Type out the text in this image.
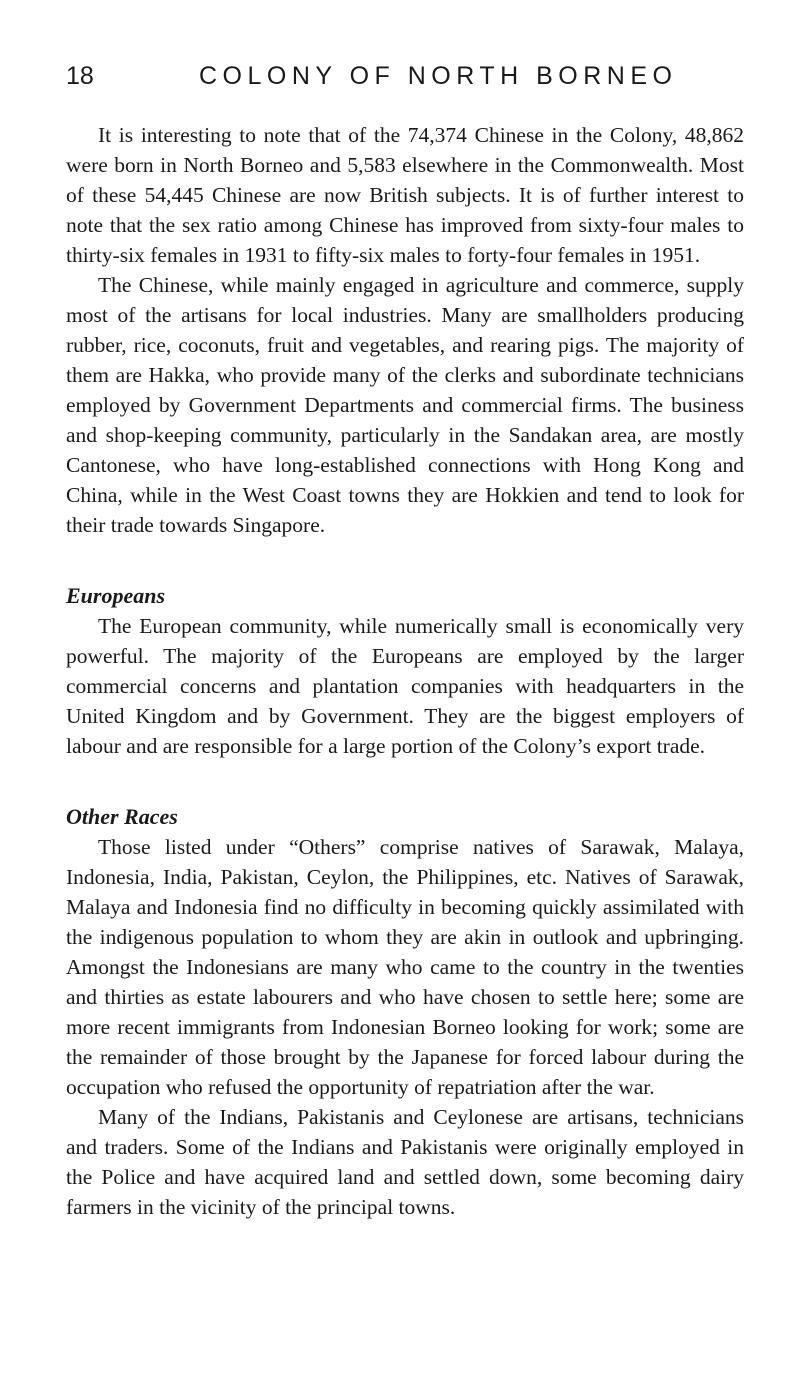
18	COLONY OF NORTH BORNEO

It is interesting to note that of the 74,374 Chinese in the Colony, 48,862 were born in North Borneo and 5,583 elsewhere in the Commonwealth. Most of these 54,445 Chinese are now British subjects. It is of further interest to note that the sex ratio among Chinese has improved from sixty-four males to thirty-six females in 1931 to fifty-six males to forty-four females in 1951.

The Chinese, while mainly engaged in agriculture and commerce, supply most of the artisans for local industries. Many are smallholders producing rubber, rice, coconuts, fruit and vegetables, and rearing pigs. The majority of them are Hakka, who provide many of the clerks and subordinate technicians employed by Government Departments and commercial firms. The business and shop-keeping community, particularly in the Sandakan area, are mostly Cantonese, who have long-established connections with Hong Kong and China, while in the West Coast towns they are Hokkien and tend to look for their trade towards Singapore.

Europeans

The European community, while numerically small is economically very powerful. The majority of the Europeans are employed by the larger commercial concerns and plantation companies with headquarters in the United Kingdom and by Government. They are the biggest employers of labour and are responsible for a large portion of the Colony’s export trade.

Other Races

Those listed under “Others” comprise natives of Sarawak, Malaya, Indonesia, India, Pakistan, Ceylon, the Philippines, etc. Natives of Sarawak, Malaya and Indonesia find no difficulty in becoming quickly assimilated with the indigenous population to whom they are akin in outlook and upbringing. Amongst the Indonesians are many who came to the country in the twenties and thirties as estate labourers and who have chosen to settle here; some are more recent immigrants from Indonesian Borneo looking for work; some are the remainder of those brought by the Japanese for forced labour during the occupation who refused the opportunity of repatriation after the war.

Many of the Indians, Pakistanis and Ceylonese are artisans, technicians and traders. Some of the Indians and Pakistanis were originally employed in the Police and have acquired land and settled down, some becoming dairy farmers in the vicinity of the principal towns.
